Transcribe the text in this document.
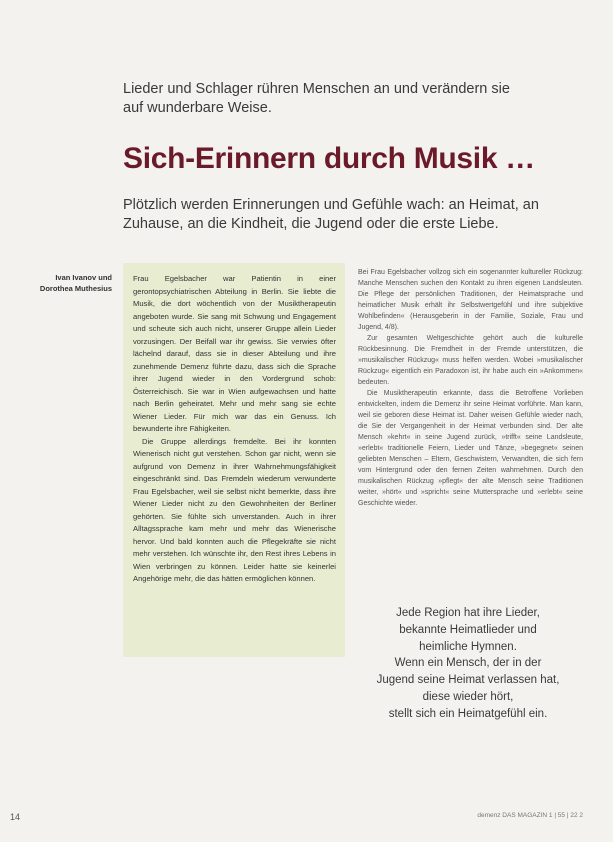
Lieder und Schlager rühren Menschen an und verändern sie auf wunderbare Weise.
Sich-Erinnern durch Musik …
Plötzlich werden Erinnerungen und Gefühle wach: an Heimat, an Zuhause, an die Kindheit, die Jugend oder die erste Liebe.
Ivan Ivanov und
Dorothea Muthesius

Frau Egelsbacher war Patientin in einer gerontopsychiatrischen Abteilung in Berlin. Sie liebte die Musik, die dort wöchentlich von der Musiktherapeutin angeboten wurde. Sie sang mit Schwung und Engagement und scheute sich auch nicht, unserer Gruppe allein Lieder vorzusingen. Der Beifall war ihr gewiss. Sie verwies öfter lächelnd darauf, dass sie in dieser Abteilung und ihre zunehmende Demenz führte dazu, dass sich die Sprache ihrer Jugend wieder in den Vordergrund schob: Österreichisch. Sie war in Wien aufgewachsen und hatte nach Berlin geheiratet. Mehr und mehr sang sie echte Wiener Lieder. Für mich war das ein Genuss. Ich bewunderte ihre Fähigkeiten.

Die Gruppe allerdings fremdelte. Bei ihr konnten Wienerisch nicht gut verstehen. Schon gar nicht, wenn sie aufgrund von Demenz in ihrer Wahrnehmungsfähigkeit eingeschränkt sind. Das Fremdeln wiederum verwunderte Frau Egelsbacher, weil sie selbst nicht bemerkte, dass ihre Wiener Lieder nicht zu den Gewohnheiten der Berliner gehörten. Sie fühlte sich unverstanden. Auch in ihrer Alltagssprache kam mehr und mehr das Wienerische hervor. Und bald konnten auch die Pflegekräfte sie nicht mehr verstehen. Ich wünschte ihr, den Rest ihres Lebens in Wien verbringen zu können. Leider hatte sie keinerlei Angehörige mehr, die das hätten ermöglichen können.

Bei Frau Egelsbacher vollzog sich ein sogenannter kultureller Rückzug: Manche Menschen suchen den Kontakt zu ihren eigenen Landsleuten. Die Pflege der persönlichen Traditionen, der Heimatsprache und heimatlicher Musik erhält ihr Selbstwertgefühl und ihre subjektive Wohlbefinden« (Herausgeberin in der Familie, Soziale, Frau und Jugend, 4/8).

Zur gesamten Weltgeschichte gehört auch die kulturelle Rückbesinnung. Die Fremdheit in der Fremde unterstützen, die »musikalischer Rückzug« muss helfen werden. Wobei »musikalischer Rückzug« eigentlich ein Paradoxon ist, ihr habe auch ein »Ankommen« bedeuten.

Die Musiktherapeutin erkannte, dass die Betroffene Vorlieben entwickelten, indem die Demenz ihr seine Heimat vorführte. Man kann, weil sie geboren diese Heimat ist. Daher weisen Gefühle wieder nach, die Sie der Vergangenheit in der Heimat verbunden sind. Der alte Mensch »kehrt« in seine Jugend zurück, »trifft« seine Landsleute, »erlebt« traditionelle Feiern, Lieder und Tänze, »begegnet« seinen geliebten Menschen – Eltern, Geschwistern, Verwandten, die sich fern vom Hintergrund oder den fernen Zeiten wahrnehmen. Durch den musikalischen Rückzug »pflegt« der alte Mensch seine Traditionen weiter, »hört« und »spricht« seine Muttersprache und »erlebt« seine Geschichte wieder.

Jede Region hat ihre Lieder,
bekannte Heimatlieder und
heimliche Hymnen.
Wenn ein Mensch, der in der
Jugend seine Heimat verlassen hat,
diese wieder hört,
stellt sich ein Heimatgefühl ein.
14	demenz DAS MAGAZIN 1 | 55 | 22 2
